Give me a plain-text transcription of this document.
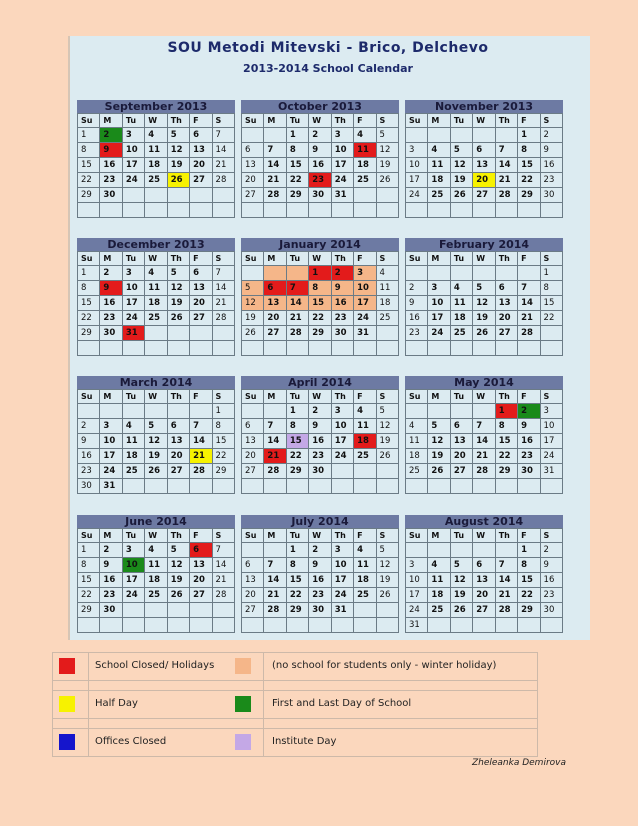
SOU Metodi Mitevski - Brico, Delchevo
2013-2014 School Calendar
September 2013
Su	M	Tu	W	Th	F	S
1	2	3	4	5	6	7
8	9	10	11	12	13	14
15	16	17	18	19	20	21
22	23	24	25	26	27	28
29	30					

October 2013
Su	M	Tu	W	Th	F	S
		1	2	3	4	5
6	7	8	9	10	11	12
13	14	15	16	17	18	19
20	21	22	23	24	25	26
27	28	29	30	31		

November 2013
Su	M	Tu	W	Th	F	S
					1	2
3	4	5	6	7	8	9
10	11	12	13	14	15	16
17	18	19	20	21	22	23
24	25	26	27	28	29	30

December 2013
Su	M	Tu	W	Th	F	S
1	2	3	4	5	6	7
8	9	10	11	12	13	14
15	16	17	18	19	20	21
22	23	24	25	26	27	28
29	30	31				

January 2014
Su	M	Tu	W	Th	F	S
			1	2	3	4
5	6	7	8	9	10	11
12	13	14	15	16	17	18
19	20	21	22	23	24	25
26	27	28	29	30	31	

February 2014
Su	M	Tu	W	Th	F	S
						1
2	3	4	5	6	7	8
9	10	11	12	13	14	15
16	17	18	19	20	21	22
23	24	25	26	27	28	

March 2014
Su	M	Tu	W	Th	F	S
						1
2	3	4	5	6	7	8
9	10	11	12	13	14	15
16	17	18	19	20	21	22
23	24	25	26	27	28	29
30	31					
April 2014
Su	M	Tu	W	Th	F	S
		1	2	3	4	5
6	7	8	9	10	11	12
13	14	15	16	17	18	19
20	21	22	23	24	25	26
27	28	29	30			

May 2014
Su	M	Tu	W	Th	F	S
				1	2	3
4	5	6	7	8	9	10
11	12	13	14	15	16	17
18	19	20	21	22	23	24
25	26	27	28	29	30	31

June 2014
Su	M	Tu	W	Th	F	S
1	2	3	4	5	6	7
8	9	10	11	12	13	14
15	16	17	18	19	20	21
22	23	24	25	26	27	28
29	30					

July 2014
Su	M	Tu	W	Th	F	S
		1	2	3	4	5
6	7	8	9	10	11	12
13	14	15	16	17	18	19
20	21	22	23	24	25	26
27	28	29	30	31		

August 2014
Su	M	Tu	W	Th	F	S
					1	2
3	4	5	6	7	8	9
10	11	12	13	14	15	16
17	18	19	20	21	22	23
24	25	26	27	28	29	30
31						
School Closed/ Holidays	(no school for students only - winter holiday)
Half Day	First and Last Day of School
Offices Closed	Institute Day
Zheleanka Demirova
